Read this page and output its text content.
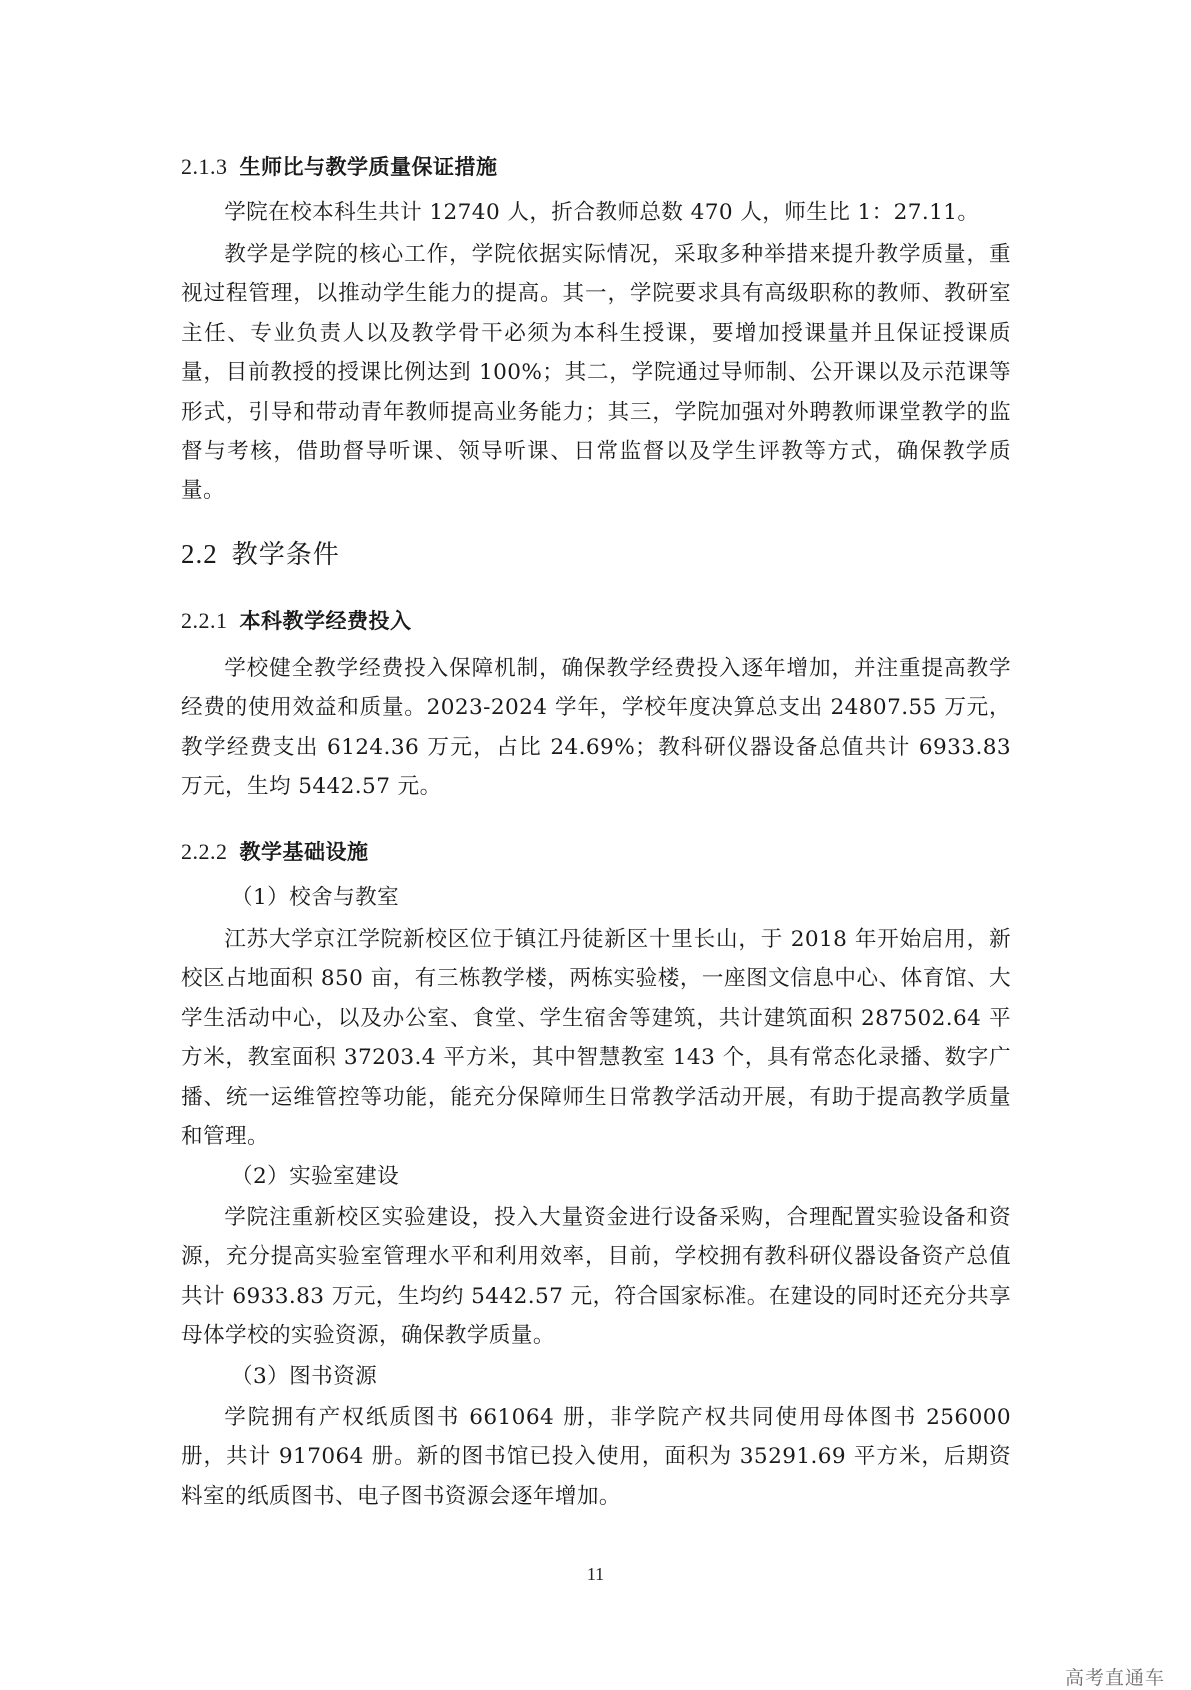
2.1.3 生师比与教学质量保证措施
学院在校本科生共计 12740 人，折合教师总数 470 人，师生比 1：27.11。
教学是学院的核心工作，学院依据实际情况，采取多种举措来提升教学质量，重视过程管理，以推动学生能力的提高。其一，学院要求具有高级职称的教师、教研室主任、专业负责人以及教学骨干必须为本科生授课，要增加授课量并且保证授课质量，目前教授的授课比例达到 100%；其二，学院通过导师制、公开课以及示范课等形式，引导和带动青年教师提高业务能力；其三，学院加强对外聘教师课堂教学的监督与考核，借助督导听课、领导听课、日常监督以及学生评教等方式，确保教学质量。
2.2 教学条件
2.2.1 本科教学经费投入
学校健全教学经费投入保障机制，确保教学经费投入逐年增加，并注重提高教学经费的使用效益和质量。2023-2024 学年，学校年度决算总支出 24807.55 万元，教学经费支出 6124.36 万元，占比 24.69%；教科研仪器设备总值共计 6933.83 万元，生均 5442.57 元。
2.2.2 教学基础设施
（1）校舍与教室
江苏大学京江学院新校区位于镇江丹徒新区十里长山，于 2018 年开始启用，新校区占地面积 850 亩，有三栋教学楼，两栋实验楼，一座图文信息中心、体育馆、大学生活动中心，以及办公室、食堂、学生宿舍等建筑，共计建筑面积 287502.64 平方米，教室面积 37203.4 平方米，其中智慧教室 143 个，具有常态化录播、数字广播、统一运维管控等功能，能充分保障师生日常教学活动开展，有助于提高教学质量和管理。
（2）实验室建设
学院注重新校区实验建设，投入大量资金进行设备采购，合理配置实验设备和资源，充分提高实验室管理水平和利用效率，目前，学校拥有教科研仪器设备资产总值共计 6933.83 万元，生均约 5442.57 元，符合国家标准。在建设的同时还充分共享母体学校的实验资源，确保教学质量。
（3）图书资源
学院拥有产权纸质图书 661064 册，非学院产权共同使用母体图书 256000 册，共计 917064 册。新的图书馆已投入使用，面积为 35291.69 平方米，后期资料室的纸质图书、电子图书资源会逐年增加。
11
高考直通车
